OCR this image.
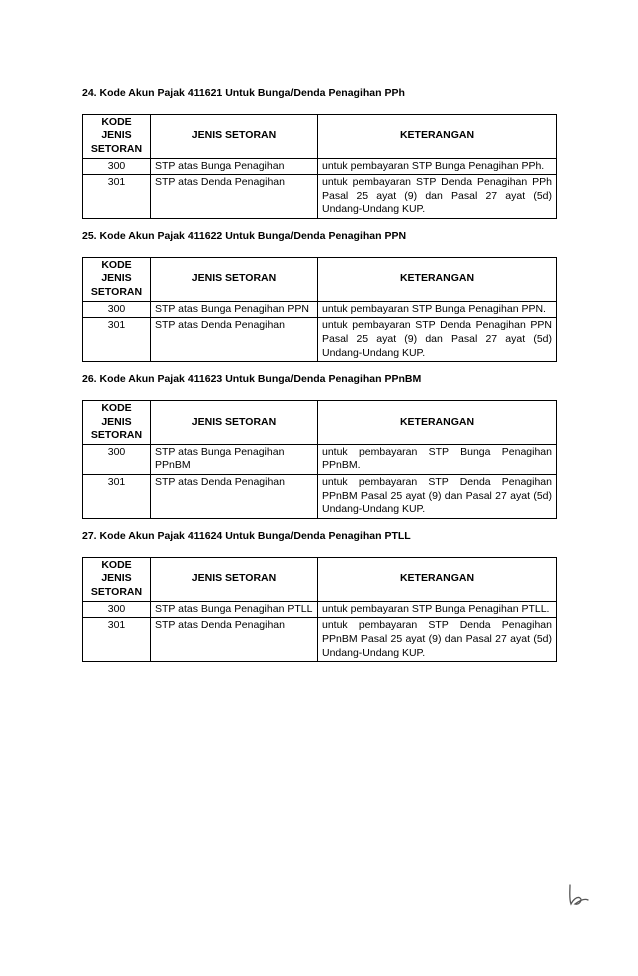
24. Kode Akun Pajak 411621 Untuk Bunga/Denda Penagihan PPh
KODE JENIS SETORAN	JENIS SETORAN	KETERANGAN
300	STP atas Bunga Penagihan	untuk pembayaran STP Bunga Penagihan PPh.
301	STP atas Denda Penagihan	untuk pembayaran STP Denda Penagihan PPh Pasal 25 ayat (9) dan Pasal 27 ayat (5d) Undang-Undang KUP.
25. Kode Akun Pajak 411622 Untuk Bunga/Denda Penagihan PPN
KODE JENIS SETORAN	JENIS SETORAN	KETERANGAN
300	STP atas Bunga Penagihan PPN	untuk pembayaran STP Bunga Penagihan PPN.
301	STP atas Denda Penagihan	untuk pembayaran STP Denda Penagihan PPN Pasal 25 ayat (9) dan Pasal 27 ayat (5d) Undang-Undang KUP.
26. Kode Akun Pajak 411623 Untuk Bunga/Denda Penagihan PPnBM
KODE JENIS SETORAN	JENIS SETORAN	KETERANGAN
300	STP atas Bunga Penagihan PPnBM	untuk pembayaran STP Bunga Penagihan PPnBM.
301	STP atas Denda Penagihan	untuk pembayaran STP Denda Penagihan PPnBM Pasal 25 ayat (9) dan Pasal 27 ayat (5d) Undang-Undang KUP.
27. Kode Akun Pajak 411624 Untuk Bunga/Denda Penagihan PTLL
KODE JENIS SETORAN	JENIS SETORAN	KETERANGAN
300	STP atas Bunga Penagihan PTLL	untuk pembayaran STP Bunga Penagihan PTLL.
301	STP atas Denda Penagihan	untuk pembayaran STP Denda Penagihan PPnBM Pasal 25 ayat (9) dan Pasal 27 ayat (5d) Undang-Undang KUP.
